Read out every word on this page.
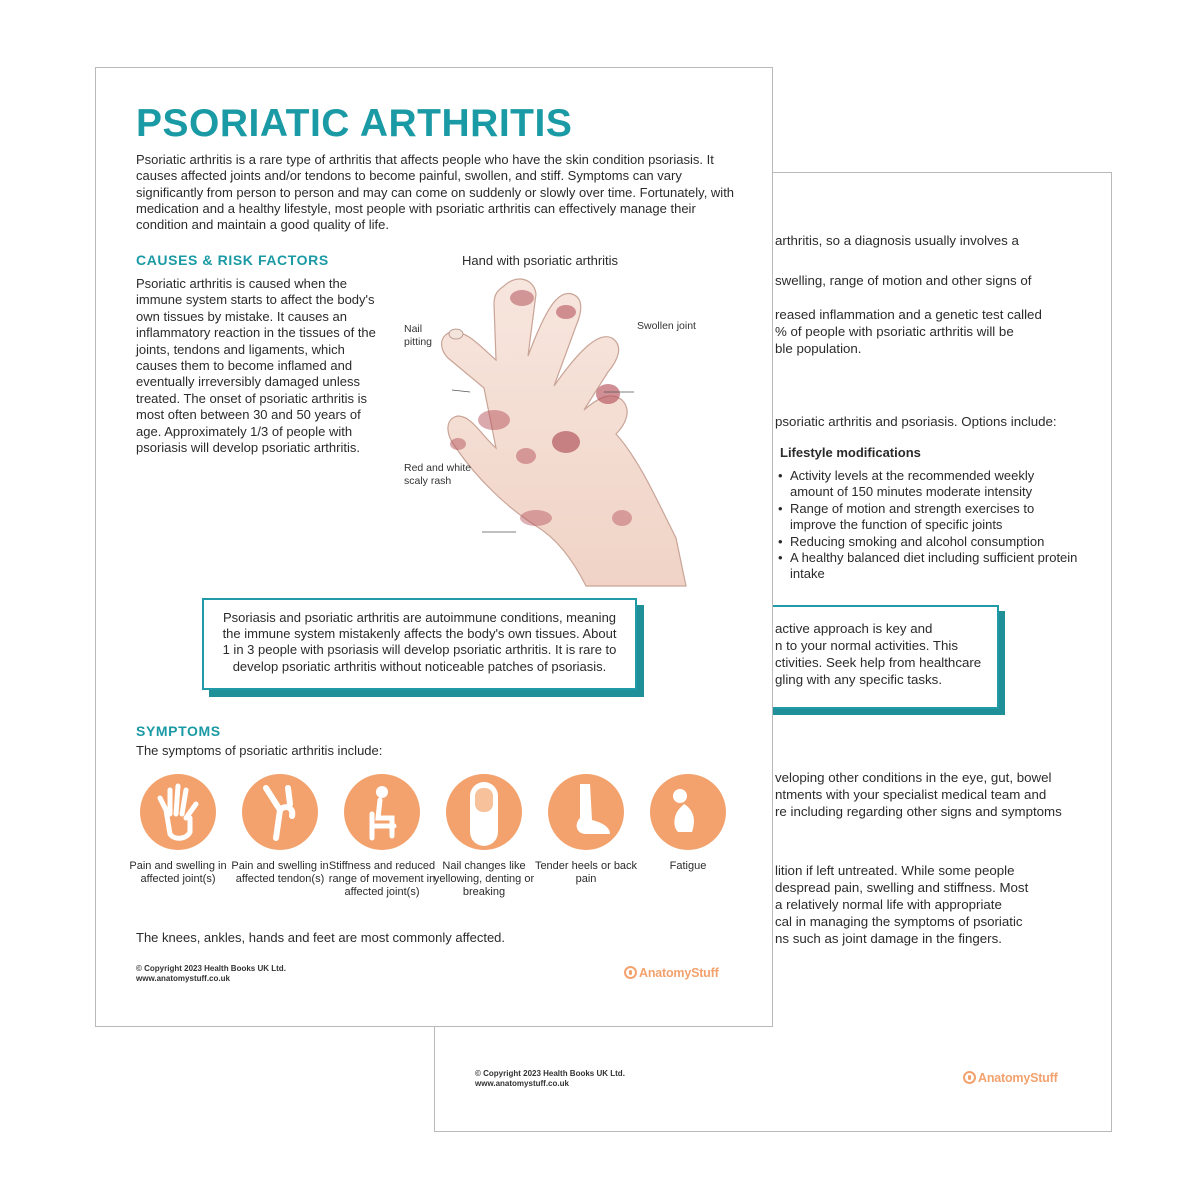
arthritis, so a diagnosis usually involves a
swelling, range of motion and other signs of
reased inflammation and a genetic test called
% of people with psoriatic arthritis will be
ble population.
psoriatic arthritis and psoriasis. Options include:
Lifestyle modifications
• Activity levels at the recommended weekly amount of 150 minutes moderate intensity
• Range of motion and strength exercises to improve the function of specific joints
• Reducing smoking and alcohol consumption
• A healthy balanced diet including sufficient protein intake
active approach is key and
n to your normal activities. This
ctivities. Seek help from healthcare
gling with any specific tasks.
veloping other conditions in the eye, gut, bowel
ntments with your specialist medical team and
re including regarding other signs and symptoms
lition if left untreated. While some people
despread pain, swelling and stiffness. Most
a relatively normal life with appropriate
cal in managing the symptoms of psoriatic
ns such as joint damage in the fingers.
© Copyright 2023 Health Books UK Ltd.
www.anatomystuff.co.uk	AnatomyStuff
PSORIATIC ARTHRITIS
Psoriatic arthritis is a rare type of arthritis that affects people who have the skin condition psoriasis. It causes affected joints and/or tendons to become painful, swollen, and stiff. Symptoms can vary significantly from person to person and may can come on suddenly or slowly over time. Fortunately, with medication and a healthy lifestyle, most people with psoriatic arthritis can effectively manage their condition and maintain a good quality of life.
CAUSES & RISK FACTORS
Psoriatic arthritis is caused when the immune system starts to affect the body's own tissues by mistake. It causes an inflammatory reaction in the tissues of the joints, tendons and ligaments, which causes them to become inflamed and eventually irreversibly damaged unless treated. The onset of psoriatic arthritis is most often between 30 and 50 years of age. Approximately 1/3 of people with psoriasis will develop psoriatic arthritis.
Hand with psoriatic arthritis
Nail
pitting
Swollen joint
Red and white
scaly rash
Psoriasis and psoriatic arthritis are autoimmune conditions, meaning the immune system mistakenly affects the body's own tissues. About 1 in 3 people with psoriasis will develop psoriatic arthritis. It is rare to develop psoriatic arthritis without noticeable patches of psoriasis.
SYMPTOMS
The symptoms of psoriatic arthritis include:
Pain and swelling in affected joint(s)
Pain and swelling in affected tendon(s)
Stiffness and reduced range of movement in affected joint(s)
Nail changes like yellowing, denting or breaking
Tender heels or back pain
Fatigue
The knees, ankles, hands and feet are most commonly affected.
© Copyright 2023 Health Books UK Ltd.
www.anatomystuff.co.uk	AnatomyStuff
